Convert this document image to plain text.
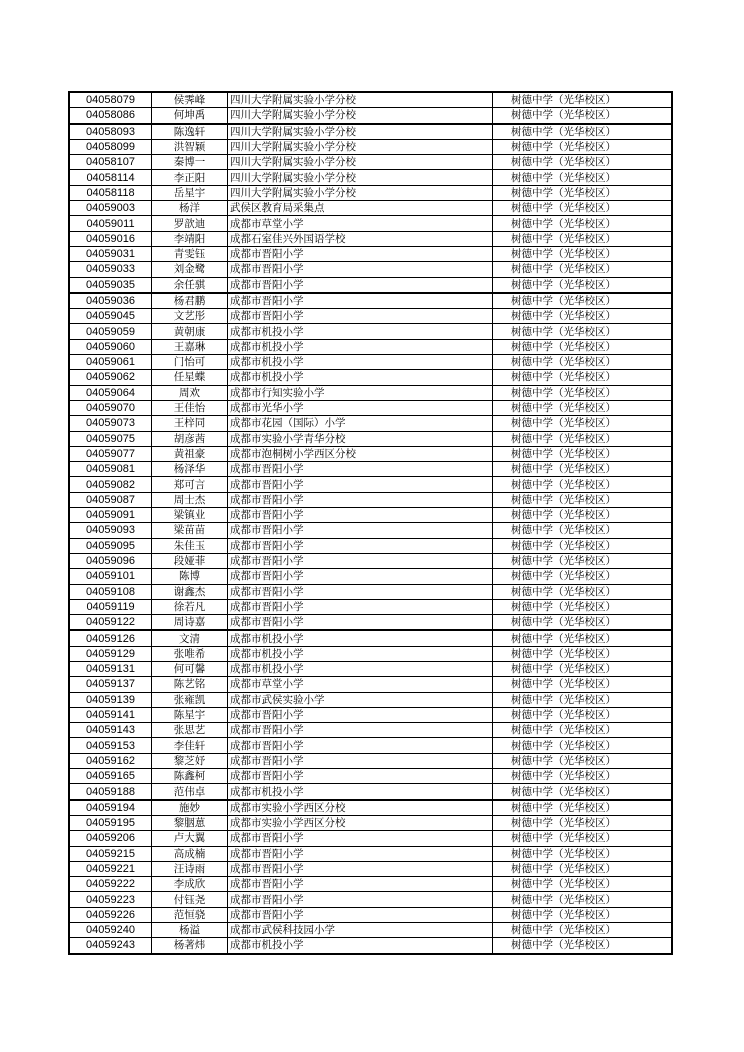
04058079	侯霁峰	四川大学附属实验小学分校	树德中学（光华校区）
04058086	何坤禹	四川大学附属实验小学分校	树德中学（光华校区）
04058093	陈逸轩	四川大学附属实验小学分校	树德中学（光华校区）
04058099	洪智颖	四川大学附属实验小学分校	树德中学（光华校区）
04058107	秦博一	四川大学附属实验小学分校	树德中学（光华校区）
04058114	李正阳	四川大学附属实验小学分校	树德中学（光华校区）
04058118	岳星宇	四川大学附属实验小学分校	树德中学（光华校区）
04059003	杨洋	武侯区教育局采集点	树德中学（光华校区）
04059011	罗歆迪	成都市草堂小学	树德中学（光华校区）
04059016	李靖阳	成都石室佳兴外国语学校	树德中学（光华校区）
04059031	青雯钰	成都市晋阳小学	树德中学（光华校区）
04059033	刘金鹭	成都市晋阳小学	树德中学（光华校区）
04059035	余任骐	成都市晋阳小学	树德中学（光华校区）
04059036	杨君鹏	成都市晋阳小学	树德中学（光华校区）
04059045	文艺彤	成都市晋阳小学	树德中学（光华校区）
04059059	黄朝康	成都市机投小学	树德中学（光华校区）
04059060	王嘉琳	成都市机投小学	树德中学（光华校区）
04059061	门怡可	成都市机投小学	树德中学（光华校区）
04059062	任星蝶	成都市机投小学	树德中学（光华校区）
04059064	周欢	成都市行知实验小学	树德中学（光华校区）
04059070	王佳怡	成都市光华小学	树德中学（光华校区）
04059073	王梓同	成都市花园（国际）小学	树德中学（光华校区）
04059075	胡彦茜	成都市实验小学青华分校	树德中学（光华校区）
04059077	黄祖豪	成都市泡桐树小学西区分校	树德中学（光华校区）
04059081	杨泽华	成都市晋阳小学	树德中学（光华校区）
04059082	郑可言	成都市晋阳小学	树德中学（光华校区）
04059087	周士杰	成都市晋阳小学	树德中学（光华校区）
04059091	梁镇业	成都市晋阳小学	树德中学（光华校区）
04059093	梁苗苗	成都市晋阳小学	树德中学（光华校区）
04059095	朱佳玉	成都市晋阳小学	树德中学（光华校区）
04059096	段娅菲	成都市晋阳小学	树德中学（光华校区）
04059101	陈博	成都市晋阳小学	树德中学（光华校区）
04059108	谢鑫杰	成都市晋阳小学	树德中学（光华校区）
04059119	徐若凡	成都市晋阳小学	树德中学（光华校区）
04059122	周诗嘉	成都市晋阳小学	树德中学（光华校区）
04059126	文清	成都市机投小学	树德中学（光华校区）
04059129	张唯希	成都市机投小学	树德中学（光华校区）
04059131	何可馨	成都市机投小学	树德中学（光华校区）
04059137	陈艺铭	成都市草堂小学	树德中学（光华校区）
04059139	张雍凯	成都市武侯实验小学	树德中学（光华校区）
04059141	陈星宇	成都市晋阳小学	树德中学（光华校区）
04059143	张思艺	成都市晋阳小学	树德中学（光华校区）
04059153	李佳轩	成都市晋阳小学	树德中学（光华校区）
04059162	黎芝妤	成都市晋阳小学	树德中学（光华校区）
04059165	陈鑫柯	成都市晋阳小学	树德中学（光华校区）
04059188	范伟卓	成都市机投小学	树德中学（光华校区）
04059194	施妙	成都市实验小学西区分校	树德中学（光华校区）
04059195	黎胭葸	成都市实验小学西区分校	树德中学（光华校区）
04059206	卢大翼	成都市晋阳小学	树德中学（光华校区）
04059215	高成楠	成都市晋阳小学	树德中学（光华校区）
04059221	汪诗雨	成都市晋阳小学	树德中学（光华校区）
04059222	李成欣	成都市晋阳小学	树德中学（光华校区）
04059223	付钰尧	成都市晋阳小学	树德中学（光华校区）
04059226	范恒骁	成都市晋阳小学	树德中学（光华校区）
04059240	杨溢	成都市武侯科技园小学	树德中学（光华校区）
04059243	杨著炜	成都市机投小学	树德中学（光华校区）
